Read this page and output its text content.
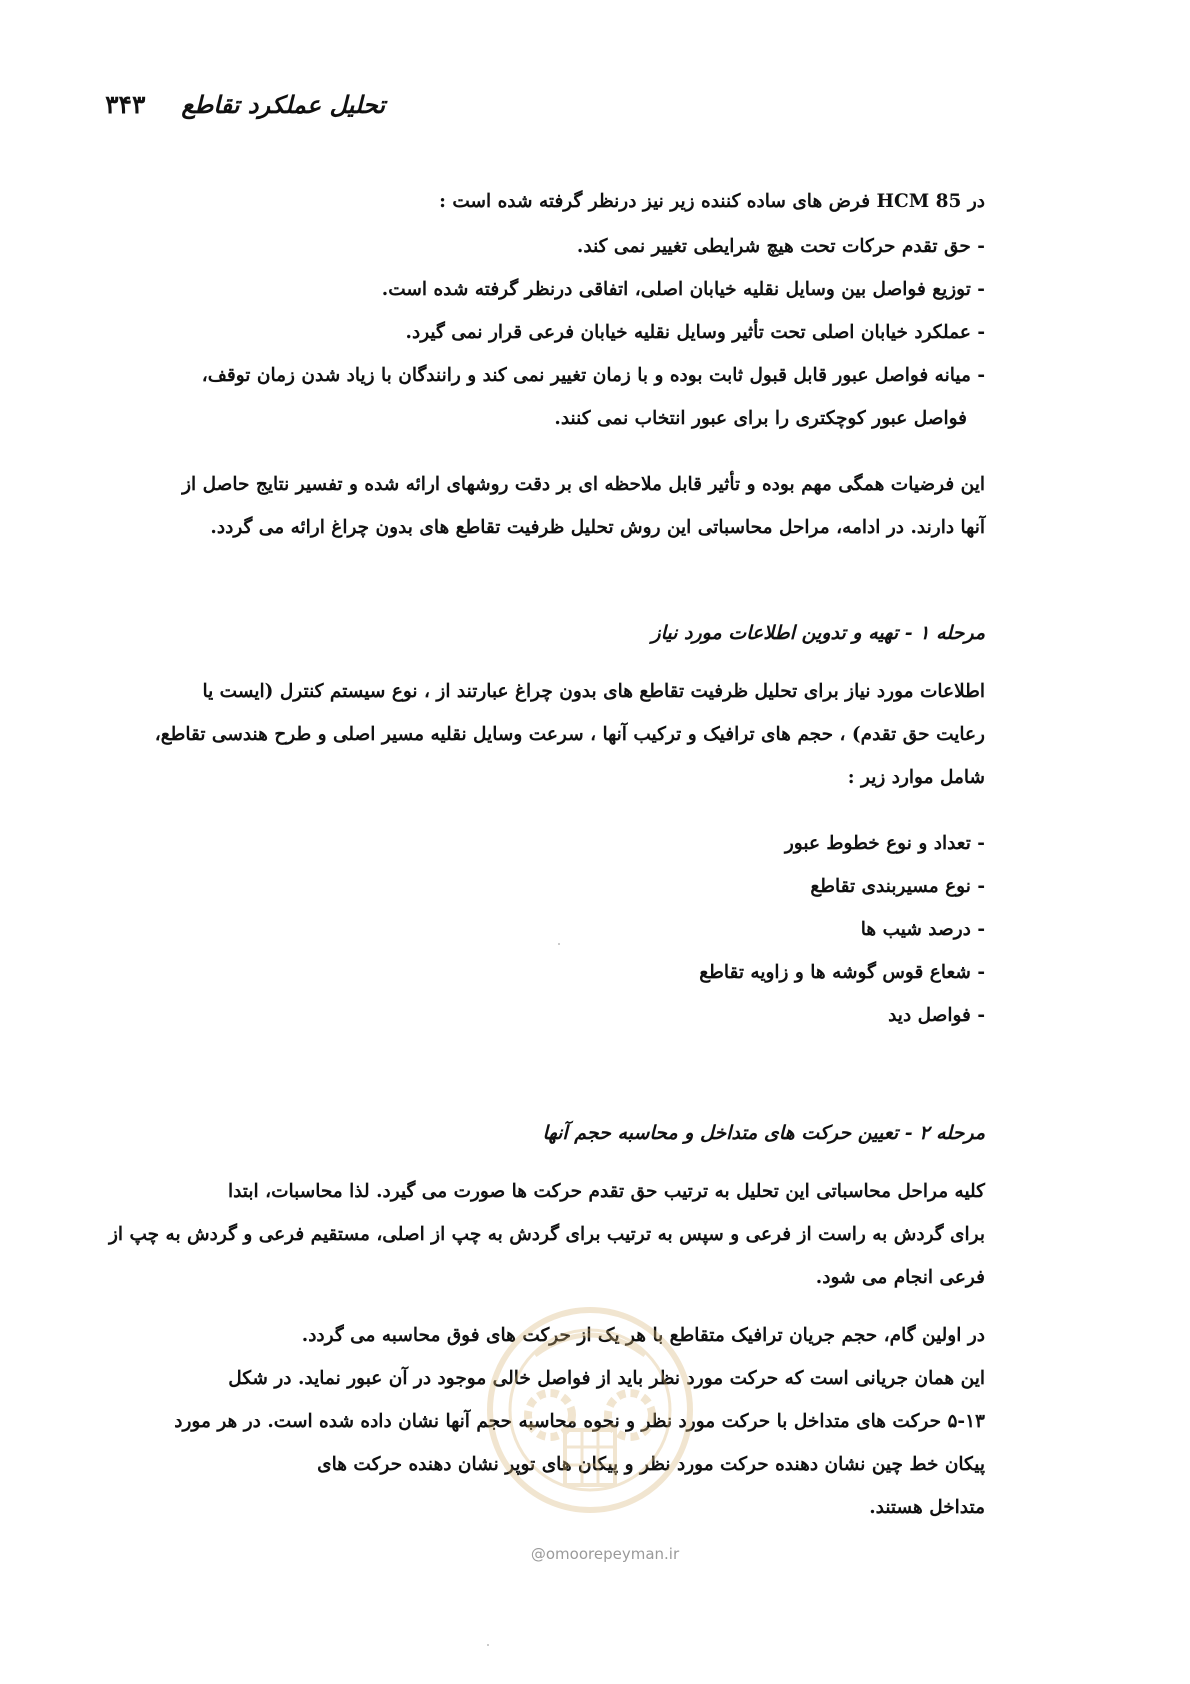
تحلیل عملکرد تقاطع
۳۴۳
در HCM 85 فرض های ساده کننده زیر نیز درنظر گرفته شده است :
- حق تقدم حرکات تحت هیچ شرایطی تغییر نمی کند.
- توزیع فواصل بین وسایل نقلیه خیابان اصلی، اتفاقی درنظر گرفته شده است.
- عملکرد خیابان اصلی تحت تأثیر وسایل نقلیه خیابان فرعی قرار نمی گیرد.
- میانه فواصل عبور قابل قبول ثابت بوده و با زمان تغییر نمی کند و رانندگان با زیاد شدن زمان توقف،
فواصل عبور کوچکتری را برای عبور انتخاب نمی کنند.
این فرضیات همگی مهم بوده و تأثیر قابل ملاحظه ای بر دقت روشهای ارائه شده و تفسیر نتایج حاصل از
آنها دارند. در ادامه، مراحل محاسباتی این روش تحلیل ظرفیت تقاطع های بدون چراغ ارائه می گردد.
مرحله ۱ - تهیه و تدوین اطلاعات مورد نیاز
اطلاعات مورد نیاز برای تحلیل ظرفیت تقاطع های بدون چراغ عبارتند از ، نوع سیستم کنترل (ایست یا
رعایت حق تقدم) ، حجم های ترافیک و ترکیب آنها ، سرعت وسایل نقلیه مسیر اصلی و طرح هندسی تقاطع،
شامل موارد زیر :
- تعداد و نوع خطوط عبور
- نوع مسیربندی تقاطع
- درصد شیب ها
- شعاع قوس گوشه ها و زاویه تقاطع
- فواصل دید
مرحله ۲ - تعیین حرکت های متداخل و محاسبه حجم آنها
کلیه مراحل محاسباتی این تحلیل به ترتیب حق تقدم حرکت ها صورت می گیرد. لذا محاسبات، ابتدا
برای گردش به راست از فرعی و سپس به ترتیب برای گردش به چپ از اصلی، مستقیم فرعی و گردش به چپ از
فرعی انجام می شود.
در اولین گام، حجم جریان ترافیک متقاطع با هر یک از حرکت های فوق محاسبه می گردد.
این همان جریانی است که حرکت مورد نظر باید از فواصل خالی موجود در آن عبور نماید. در شکل
۵-۱۳ حرکت های متداخل با حرکت مورد نظر و نحوه محاسبه حجم آنها نشان داده شده است. در هر مورد
پیکان خط چین نشان دهنده حرکت مورد نظر و پیکان های توپر نشان دهنده حرکت های
متداخل هستند.
@omoorepeyman.ir
